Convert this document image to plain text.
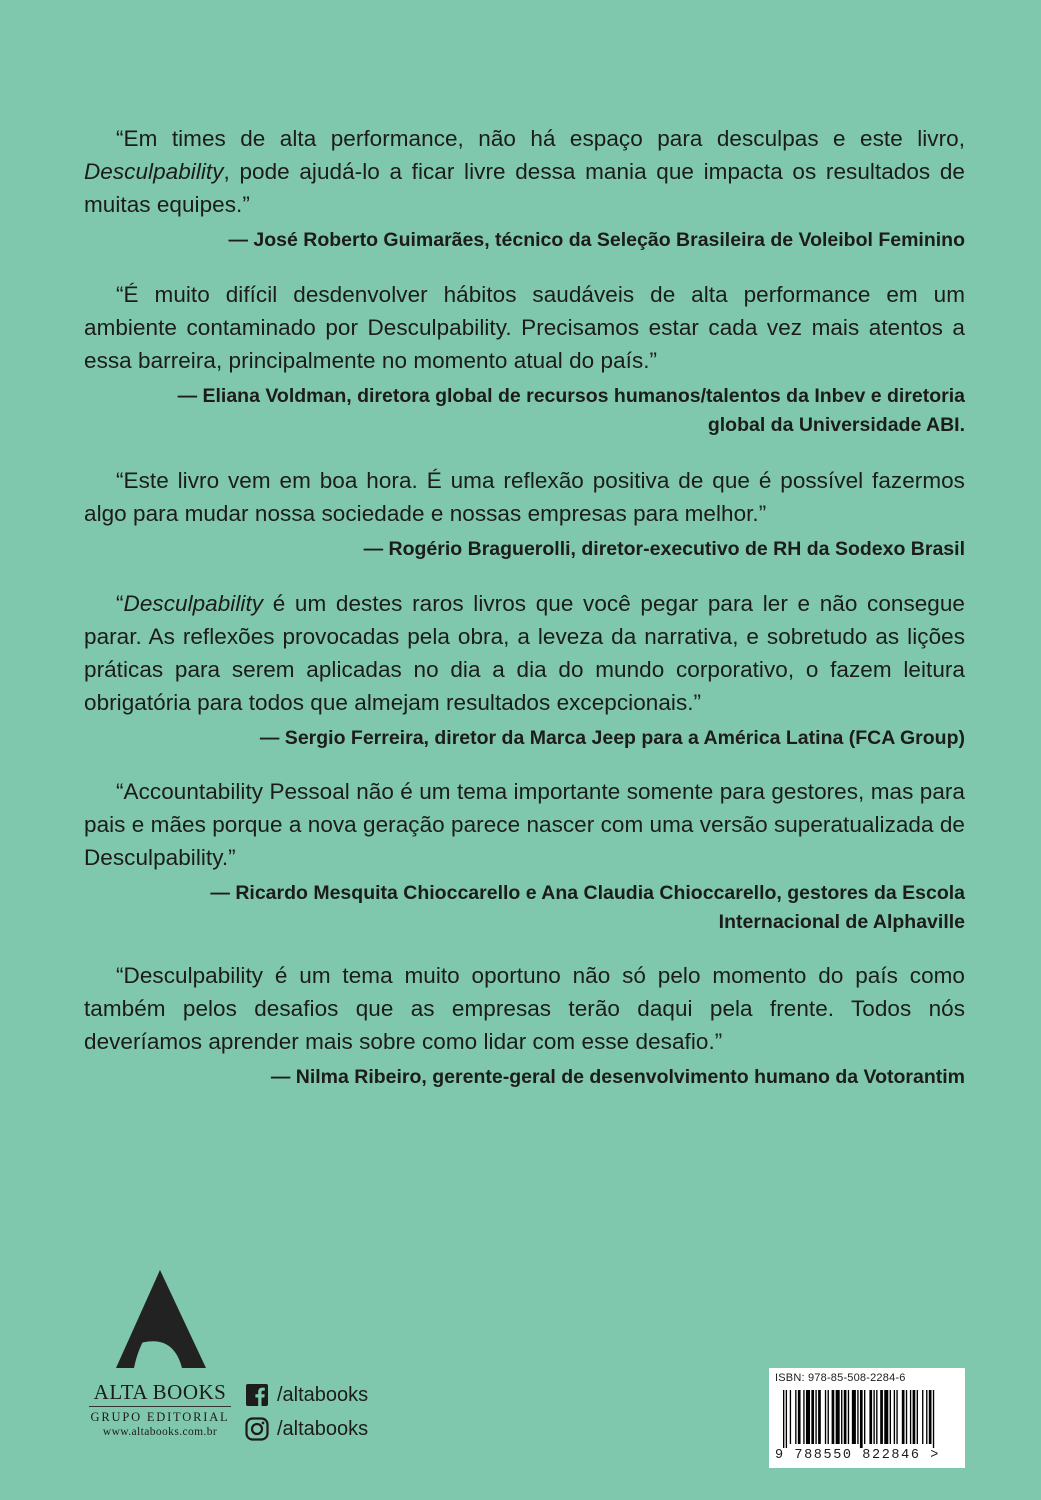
“Em times de alta performance, não há espaço para desculpas e este livro, Desculpability, pode ajudá-lo a ficar livre dessa mania que impacta os resultados de muitas equipes.”

— José Roberto Guimarães, técnico da Seleção Brasileira de Voleibol Feminino

“É muito difícil desdenvolver hábitos saudáveis de alta performance em um ambiente contaminado por Desculpability. Precisamos estar cada vez mais atentos a essa barreira, principalmente no momento atual do país.”

— Eliana Voldman, diretora global de recursos humanos/talentos da Inbev e diretoria
global da Universidade ABI.

“Este livro vem em boa hora. É uma reflexão positiva de que é possível fazermos algo para mudar nossa sociedade e nossas empresas para melhor.”

— Rogério Braguerolli, diretor-executivo de RH da Sodexo Brasil

“Desculpability é um destes raros livros que você pegar para ler e não consegue parar. As reflexões provocadas pela obra, a leveza da narrativa, e sobretudo as lições práticas para serem aplicadas no dia a dia do mundo corporativo, o fazem leitura obrigatória para todos que almejam resultados excepcionais.”

— Sergio Ferreira, diretor da Marca Jeep para a América Latina (FCA Group)

“Accountability Pessoal não é um tema importante somente para gestores, mas para pais e mães porque a nova geração parece nascer com uma versão superatualizada de Desculpability.”

— Ricardo Mesquita Chioccarello e Ana Claudia Chioccarello, gestores da Escola
Internacional de Alphaville

“Desculpability é um tema muito oportuno não só pelo momento do país como também pelos desafios que as empresas terão daqui pela frente. Todos nós deveríamos aprender mais sobre como lidar com esse desafio.”

— Nilma Ribeiro, gerente-geral de desenvolvimento humano da Votorantim

ALTA BOOKS
GRUPO EDITORIAL
www.altabooks.com.br
/altabooks
/altabooks
ISBN: 978-85-508-2284-6
9 788550 822846 >
